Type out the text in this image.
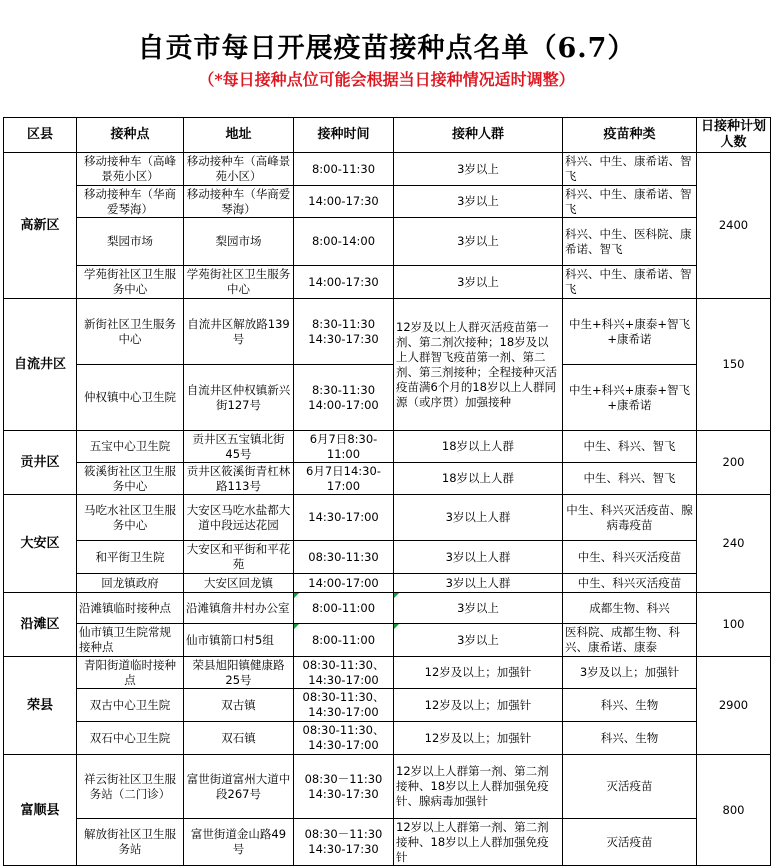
自贡市每日开展疫苗接种点名单（6.7）
（*每日接种点位可能会根据当日接种情况适时调整）
区县	接种点	地址	接种时间	接种人群	疫苗种类	日接种计划人数
高新区	移动接种车（高峰景苑小区）	移动接种车（高峰景苑小区）	8:00-11:30	3岁以上	科兴、中生、康希诺、智飞	2400
	移动接种车（华商爱琴海）	移动接种车（华商爱琴海）	14:00-17:30	3岁以上	科兴、中生、康希诺、智飞	
	梨园市场	梨园市场	8:00-14:00	3岁以上	科兴、中生、医科院、康希诺、智飞	
	学苑街社区卫生服务中心	学苑街社区卫生服务中心	14:00-17:30	3岁以上	科兴、中生、康希诺、智飞	
自流井区	新街社区卫生服务中心	自流井区解放路139号	8:30-11:30 14:30-17:30	12岁及以上人群灭活疫苗第一剂、第二剂次接种；18岁及以上人群智飞疫苗第一剂、第二剂、第三剂接种；全程接种灭活疫苗满6个月的18岁以上人群同源（或序贯）加强接种	中生+科兴+康泰+智飞+康希诺	150
	仲权镇中心卫生院	自流井区仲权镇新兴街127号	8:30-11:30 14:00-17:00		中生+科兴+康泰+智飞+康希诺	
贡井区	五宝中心卫生院	贡井区五宝镇北街45号	6月7日8:30-11:00	18岁以上人群	中生、科兴、智飞	200
	筱溪街社区卫生服务中心	贡井区筱溪街青杠林路113号	6月7日14:30-17:00	18岁以上人群	中生、科兴、智飞	
大安区	马吃水社区卫生服务中心	大安区马吃水盐都大道中段远达花园	14:30-17:00	3岁以上人群	中生、科兴灭活疫苗、腺病毒疫苗	240
	和平街卫生院	大安区和平街和平花苑	08:30-11:30	3岁以上人群	中生、科兴灭活疫苗	
	回龙镇政府	大安区回龙镇	14:00-17:00	3岁以上人群	中生、科兴灭活疫苗	
沿滩区	沿滩镇临时接种点	沿滩镇詹井村办公室	8:00-11:00	3岁以上	成都生物、科兴	100
	仙市镇卫生院常规接种点	仙市镇箭口村5组	8:00-11:00	3岁以上	医科院、成都生物、科兴、康希诺、康泰	
荣县	青阳街道临时接种点	荣县旭阳镇健康路25号	08:30-11:30、14:30-17:00	12岁及以上；加强针	3岁及以上；加强针	2900
	双古中心卫生院	双古镇	08:30-11:30、14:30-17:00	12岁及以上；加强针	科兴、生物	
	双石中心卫生院	双石镇	08:30-11:30、14:30-17:00	12岁及以上；加强针	科兴、生物	
富顺县	祥云街社区卫生服务站（二门诊）	富世街道富州大道中段267号	08:30－11:30 14:30-17:30	12岁以上人群第一剂、第二剂接种、18岁以上人群加强免疫针、腺病毒加强针	灭活疫苗	800
	解放街社区卫生服务站	富世街道金山路49号	08:30－11:30 14:30-17:30	12岁以上人群第一剂、第二剂接种、18岁以上人群加强免疫针	灭活疫苗	
